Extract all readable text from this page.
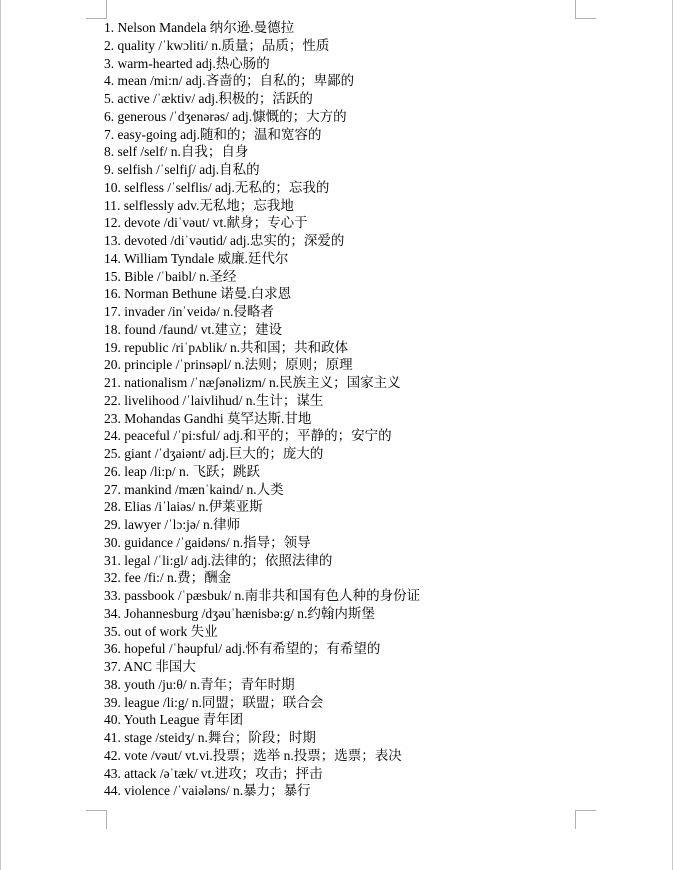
1. Nelson Mandela 纳尔逊.曼德拉
2. quality /ˈkwɔliti/ n.质量；品质；性质
3. warm-hearted adj.热心肠的
4. mean /mi:n/ adj.吝啬的；自私的；卑鄙的
5. active /ˈæktiv/ adj.积极的；活跃的
6. generous /ˈdʒenərəs/ adj.慷慨的；大方的
7. easy-going adj.随和的；温和宽容的
8. self /self/ n.自我；自身
9. selfish /ˈselfiʃ/ adj.自私的
10. selfless /ˈselflis/ adj.无私的；忘我的
11. selflessly adv.无私地；忘我地
12. devote /diˈvəut/ vt.献身；专心于
13. devoted /diˈvəutid/ adj.忠实的；深爱的
14. William Tyndale 威廉.廷代尔
15. Bible /ˈbaibl/ n.圣经
16. Norman Bethune 诺曼.白求恩
17. invader /inˈveidə/ n.侵略者
18. found /faund/ vt.建立；建设
19. republic /riˈpʌblik/ n.共和国；共和政体
20. principle /ˈprinsəpl/ n.法则；原则；原理
21. nationalism /ˈnæʃənəlizm/ n.民族主义；国家主义
22. livelihood /ˈlaivlihud/ n.生计；谋生
23. Mohandas Gandhi 莫罕达斯.甘地
24. peaceful /ˈpi:sful/ adj.和平的；平静的；安宁的
25. giant /ˈdʒaiənt/ adj.巨大的；庞大的
26. leap /li:p/ n. 飞跃；跳跃
27. mankind /mænˈkaind/ n.人类
28. Elias /iˈlaiəs/ n.伊莱亚斯
29. lawyer /ˈlɔ:jə/ n.律师
30. guidance /ˈgaidəns/ n.指导；领导
31. legal /ˈli:gl/ adj.法律的；依照法律的
32. fee /fi:/ n.费；酬金
33. passbook /ˈpæsbuk/ n.南非共和国有色人种的身份证
34. Johannesburg /dʒəuˈhænisbə:g/ n.约翰内斯堡
35. out of work 失业
36. hopeful /ˈhəupful/ adj.怀有希望的；有希望的
37. ANC 非国大
38. youth /ju:θ/ n.青年；青年时期
39. league /li:g/ n.同盟；联盟；联合会
40. Youth League 青年团
41. stage /steidʒ/ n.舞台；阶段；时期
42. vote /vəut/ vt.vi.投票；选举 n.投票；选票；表决
43. attack /əˈtæk/ vt.进攻；攻击；抨击
44. violence /ˈvaiələns/ n.暴力；暴行
